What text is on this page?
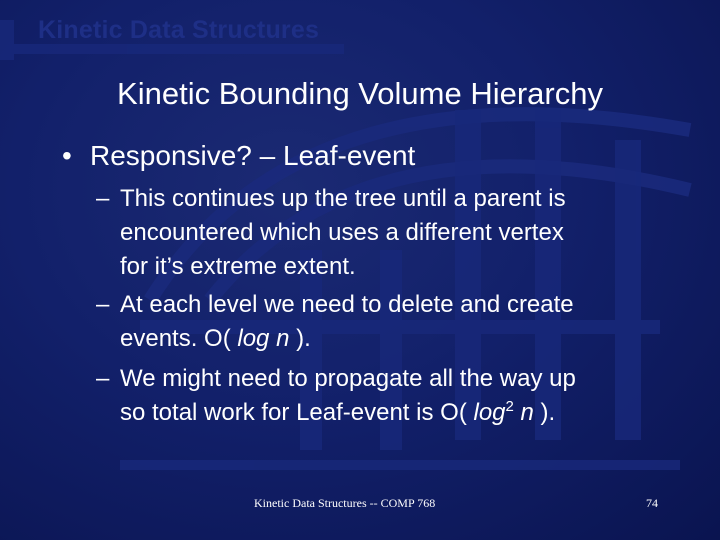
Kinetic Data Structures
Kinetic Bounding Volume Hierarchy
• Responsive? – Leaf-event
– This continues up the tree until a parent is
encountered which uses a different vertex
for it’s extreme extent.
– At each level we need to delete and create
events. O( log n ).
– We might need to propagate all the way up
so total work for Leaf-event is O( $\log^2 n$ ).
Kinetic Data Structures -- COMP 768	74
